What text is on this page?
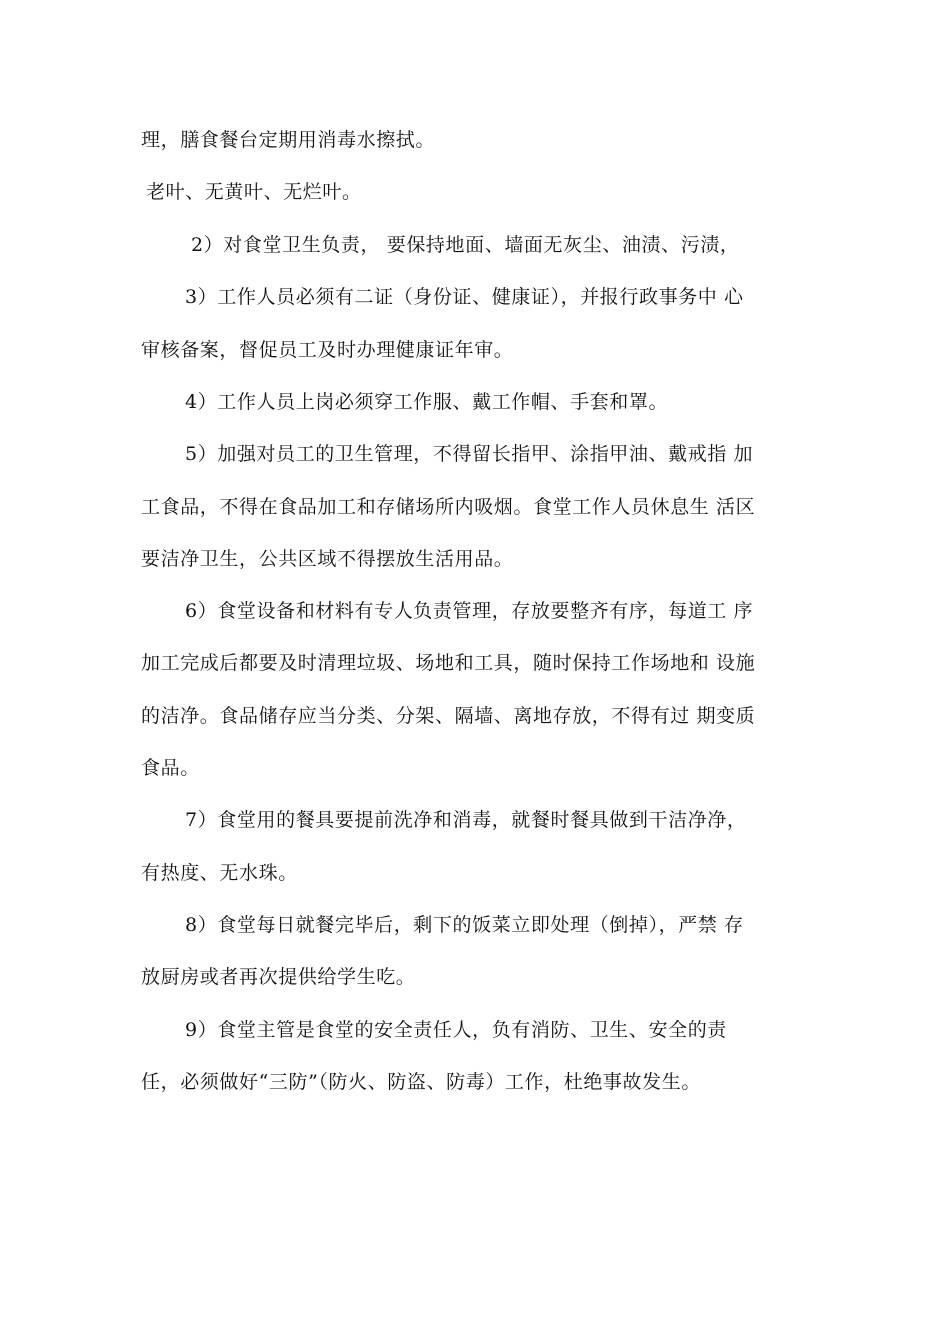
理，膳食餐台定期用消毒水擦拭。
老叶、无黄叶、无烂叶。
2）对食堂卫生负责， 要保持地面、墙面无灰尘、油渍、污渍，
3）工作人员必须有二证（身份证、健康证），并报行政事务中 心
审核备案，督促员工及时办理健康证年审。
4）工作人员上岗必须穿工作服、戴工作帽、手套和罩。
5）加强对员工的卫生管理，不得留长指甲、涂指甲油、戴戒指 加
工食品，不得在食品加工和存储场所内吸烟。食堂工作人员休息生 活区
要洁净卫生，公共区域不得摆放生活用品。
6）食堂设备和材料有专人负责管理，存放要整齐有序，每道工 序
加工完成后都要及时清理垃圾、场地和工具，随时保持工作场地和 设施
的洁净。食品储存应当分类、分架、隔墙、离地存放，不得有过 期变质
食品。
7）食堂用的餐具要提前洗净和消毒，就餐时餐具做到干洁净净，
有热度、无水珠。
8）食堂每日就餐完毕后，剩下的饭菜立即处理（倒掉），严禁 存
放厨房或者再次提供给学生吃。
9）食堂主管是食堂的安全责任人，负有消防、卫生、安全的责
任，必须做好“三防”（防火、防盗、防毒）工作，杜绝事故发生。
